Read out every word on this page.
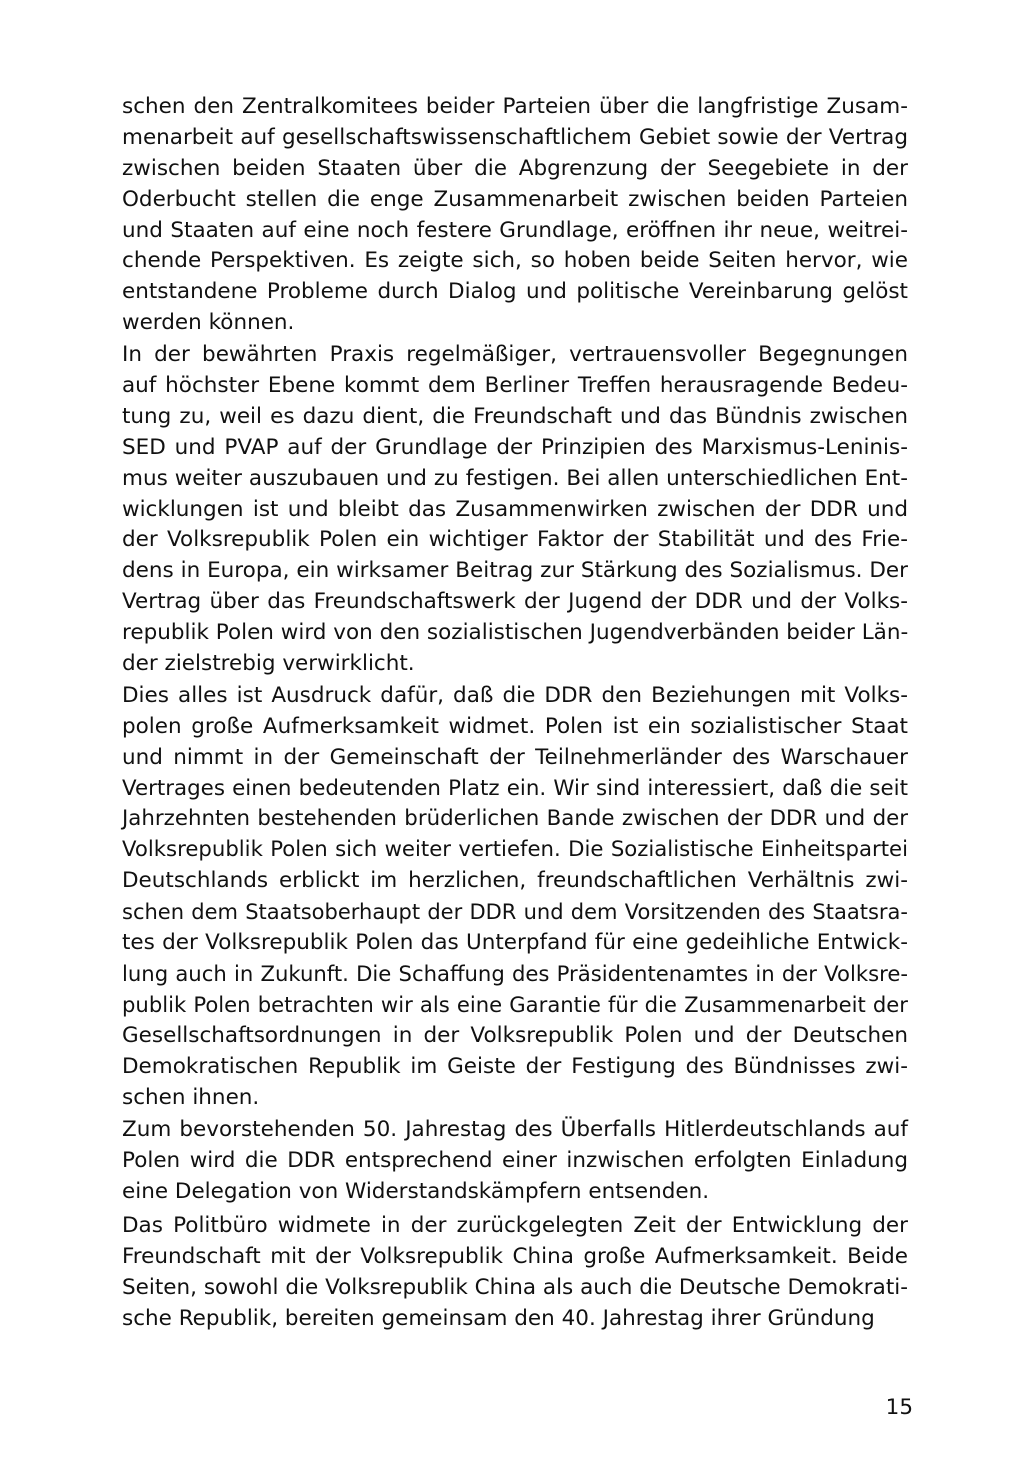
schen den Zentralkomitees beider Parteien über die langfristige Zusam-
menarbeit auf gesellschaftswissenschaftlichem Gebiet sowie der Vertrag
zwischen beiden Staaten über die Abgrenzung der Seegebiete in der
Oderbucht stellen die enge Zusammenarbeit zwischen beiden Parteien
und Staaten auf eine noch festere Grundlage, eröffnen ihr neue, weitrei-
chende Perspektiven. Es zeigte sich, so hoben beide Seiten hervor, wie
entstandene Probleme durch Dialog und politische Vereinbarung gelöst
werden können.
In der bewährten Praxis regelmäßiger, vertrauensvoller Begegnungen
auf höchster Ebene kommt dem Berliner Treffen herausragende Bedeu-
tung zu, weil es dazu dient, die Freundschaft und das Bündnis zwischen
SED und PVAP auf der Grundlage der Prinzipien des Marxismus-Leninis-
mus weiter auszubauen und zu festigen. Bei allen unterschiedlichen Ent-
wicklungen ist und bleibt das Zusammenwirken zwischen der DDR und
der Volksrepublik Polen ein wichtiger Faktor der Stabilität und des Frie-
dens in Europa, ein wirksamer Beitrag zur Stärkung des Sozialismus. Der
Vertrag über das Freundschaftswerk der Jugend der DDR und der Volks-
republik Polen wird von den sozialistischen Jugendverbänden beider Län-
der zielstrebig verwirklicht.
Dies alles ist Ausdruck dafür, daß die DDR den Beziehungen mit Volks-
polen große Aufmerksamkeit widmet. Polen ist ein sozialistischer Staat
und nimmt in der Gemeinschaft der Teilnehmerländer des Warschauer
Vertrages einen bedeutenden Platz ein. Wir sind interessiert, daß die seit
Jahrzehnten bestehenden brüderlichen Bande zwischen der DDR und der
Volksrepublik Polen sich weiter vertiefen. Die Sozialistische Einheitspartei
Deutschlands erblickt im herzlichen, freundschaftlichen Verhältnis zwi-
schen dem Staatsoberhaupt der DDR und dem Vorsitzenden des Staatsra-
tes der Volksrepublik Polen das Unterpfand für eine gedeihliche Entwick-
lung auch in Zukunft. Die Schaffung des Präsidentenamtes in der Volksre-
publik Polen betrachten wir als eine Garantie für die Zusammenarbeit der
Gesellschaftsordnungen in der Volksrepublik Polen und der Deutschen
Demokratischen Republik im Geiste der Festigung des Bündnisses zwi-
schen ihnen.
Zum bevorstehenden 50. Jahrestag des Überfalls Hitlerdeutschlands auf
Polen wird die DDR entsprechend einer inzwischen erfolgten Einladung
eine Delegation von Widerstandskämpfern entsenden.
Das Politbüro widmete in der zurückgelegten Zeit der Entwicklung der
Freundschaft mit der Volksrepublik China große Aufmerksamkeit. Beide
Seiten, sowohl die Volksrepublik China als auch die Deutsche Demokrati-
sche Republik, bereiten gemeinsam den 40. Jahrestag ihrer Gründung
15
